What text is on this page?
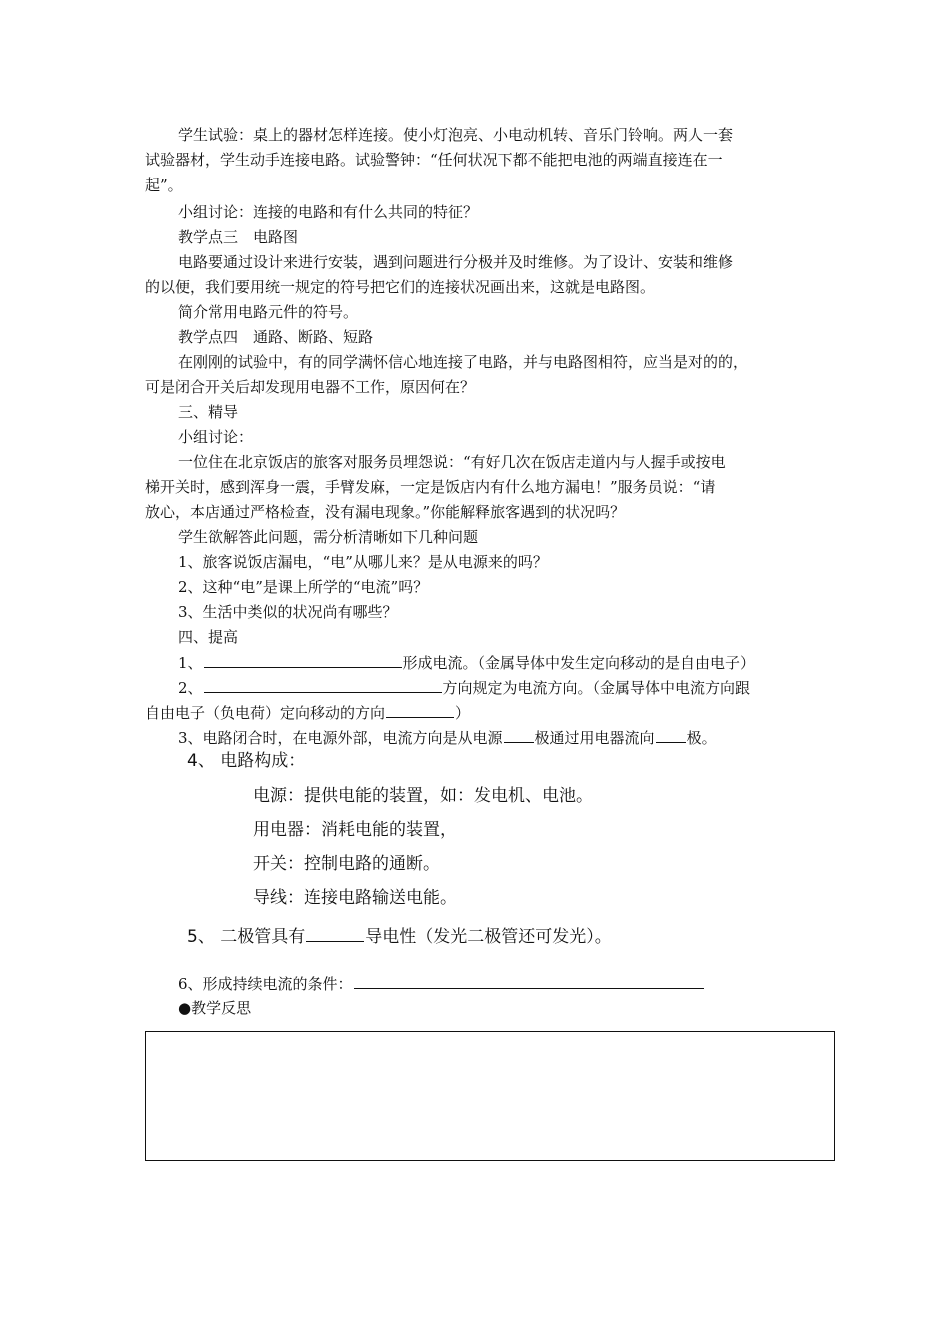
学生试验：桌上的器材怎样连接。使小灯泡亮、小电动机转、音乐门铃响。两人一套
试验器材，学生动手连接电路。试验警钟：“任何状况下都不能把电池的两端直接连在一
起”。
小组讨论：连接的电路和有什么共同的特征？
教学点三　电路图
电路要通过设计来进行安装，遇到问题进行分极并及时维修。为了设计、安装和维修
的以便，我们要用统一规定的符号把它们的连接状况画出来，这就是电路图。
简介常用电路元件的符号。
教学点四　通路、断路、短路
在刚刚的试验中，有的同学满怀信心地连接了电路，并与电路图相符，应当是对的的，
可是闭合开关后却发现用电器不工作，原因何在？
三、精导
小组讨论：
一位住在北京饭店的旅客对服务员埋怨说：“有好几次在饭店走道内与人握手或按电
梯开关时，感到浑身一震，手臂发麻，一定是饭店内有什么地方漏电！”服务员说：“请
放心，本店通过严格检查，没有漏电现象。”你能解释旅客遇到的状况吗？
学生欲解答此问题，需分析清晰如下几种问题
1、旅客说饭店漏电，“电”从哪儿来？是从电源来的吗？
2、这种“电”是课上所学的“电流”吗？
3、生活中类似的状况尚有哪些？
四、提高
1、	形成电流。（金属导体中发生定向移动的是自由电子）
2、	方向规定为电流方向。（金属导体中电流方向跟
自由电子（负电荷）定向移动的方向	）
3、电路闭合时，在电源外部，电流方向是从电源 极通过用电器流向 极。
4、 电路构成：
电源：提供电能的装置，如：发电机、电池。
用电器：消耗电能的装置，
开关：控制电路的通断。
导线：连接电路输送电能。
5、 二极管具有	导电性（发光二极管还可发光）。
6、形成持续电流的条件：
●教学反思
